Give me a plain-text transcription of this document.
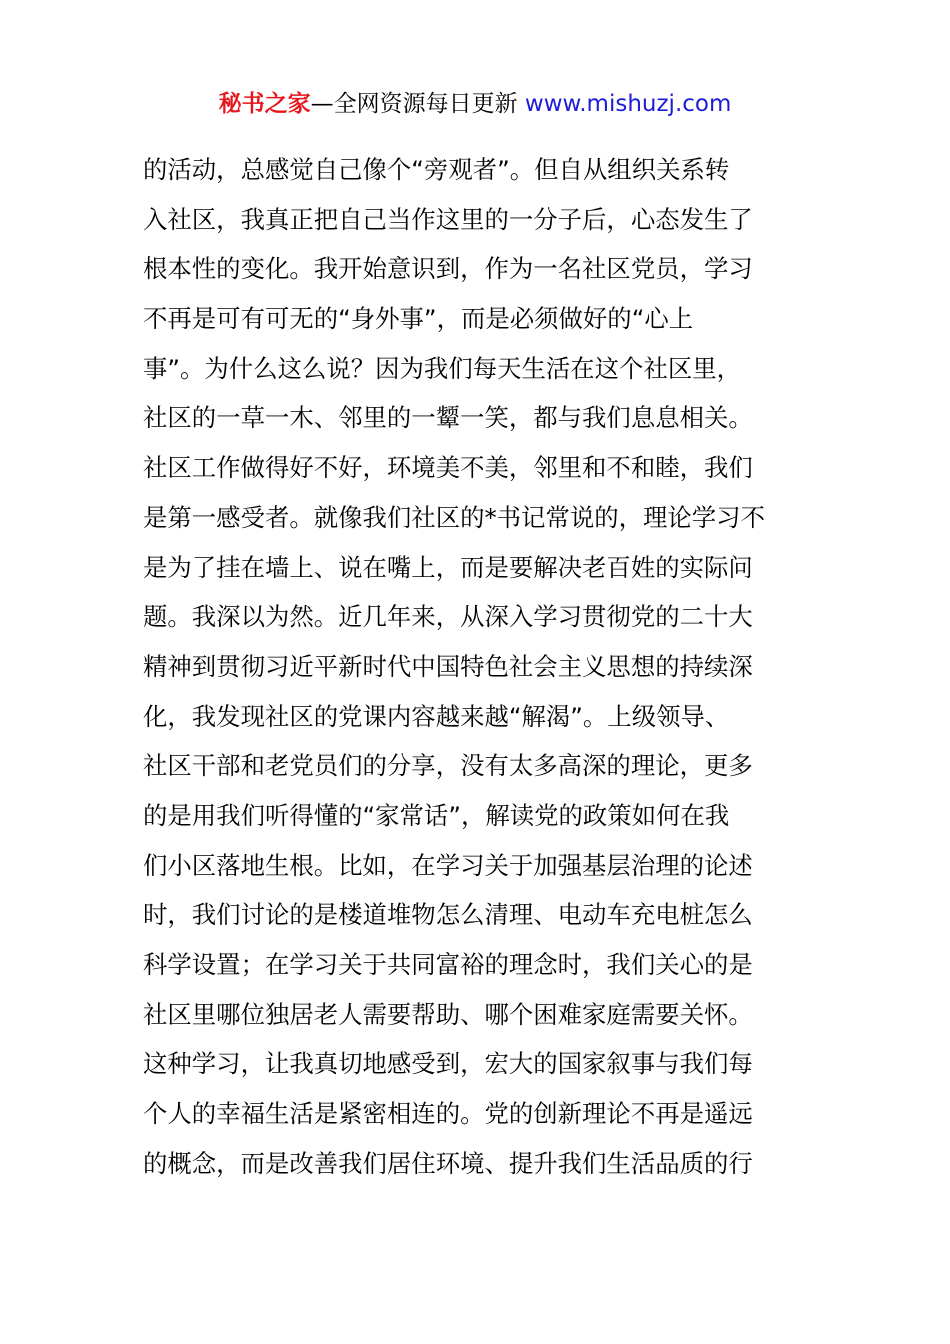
秘书之家—全网资源每日更新 www.mishuzj.com
的活动，总感觉自己像个“旁观者”。但自从组织关系转
入社区，我真正把自己当作这里的一分子后，心态发生了
根本性的变化。我开始意识到，作为一名社区党员，学习
不再是可有可无的“身外事”，而是必须做好的“心上
事”。为什么这么说？因为我们每天生活在这个社区里，
社区的一草一木、邻里的一颦一笑，都与我们息息相关。
社区工作做得好不好，环境美不美，邻里和不和睦，我们
是第一感受者。就像我们社区的*书记常说的，理论学习不
是为了挂在墙上、说在嘴上，而是要解决老百姓的实际问
题。我深以为然。近几年来，从深入学习贯彻党的二十大
精神到贯彻习近平新时代中国特色社会主义思想的持续深
化，我发现社区的党课内容越来越“解渴”。上级领导、
社区干部和老党员们的分享，没有太多高深的理论，更多
的是用我们听得懂的“家常话”，解读党的政策如何在我
们小区落地生根。比如，在学习关于加强基层治理的论述
时，我们讨论的是楼道堆物怎么清理、电动车充电桩怎么
科学设置；在学习关于共同富裕的理念时，我们关心的是
社区里哪位独居老人需要帮助、哪个困难家庭需要关怀。
这种学习，让我真切地感受到，宏大的国家叙事与我们每
个人的幸福生活是紧密相连的。党的创新理论不再是遥远
的概念，而是改善我们居住环境、提升我们生活品质的行
